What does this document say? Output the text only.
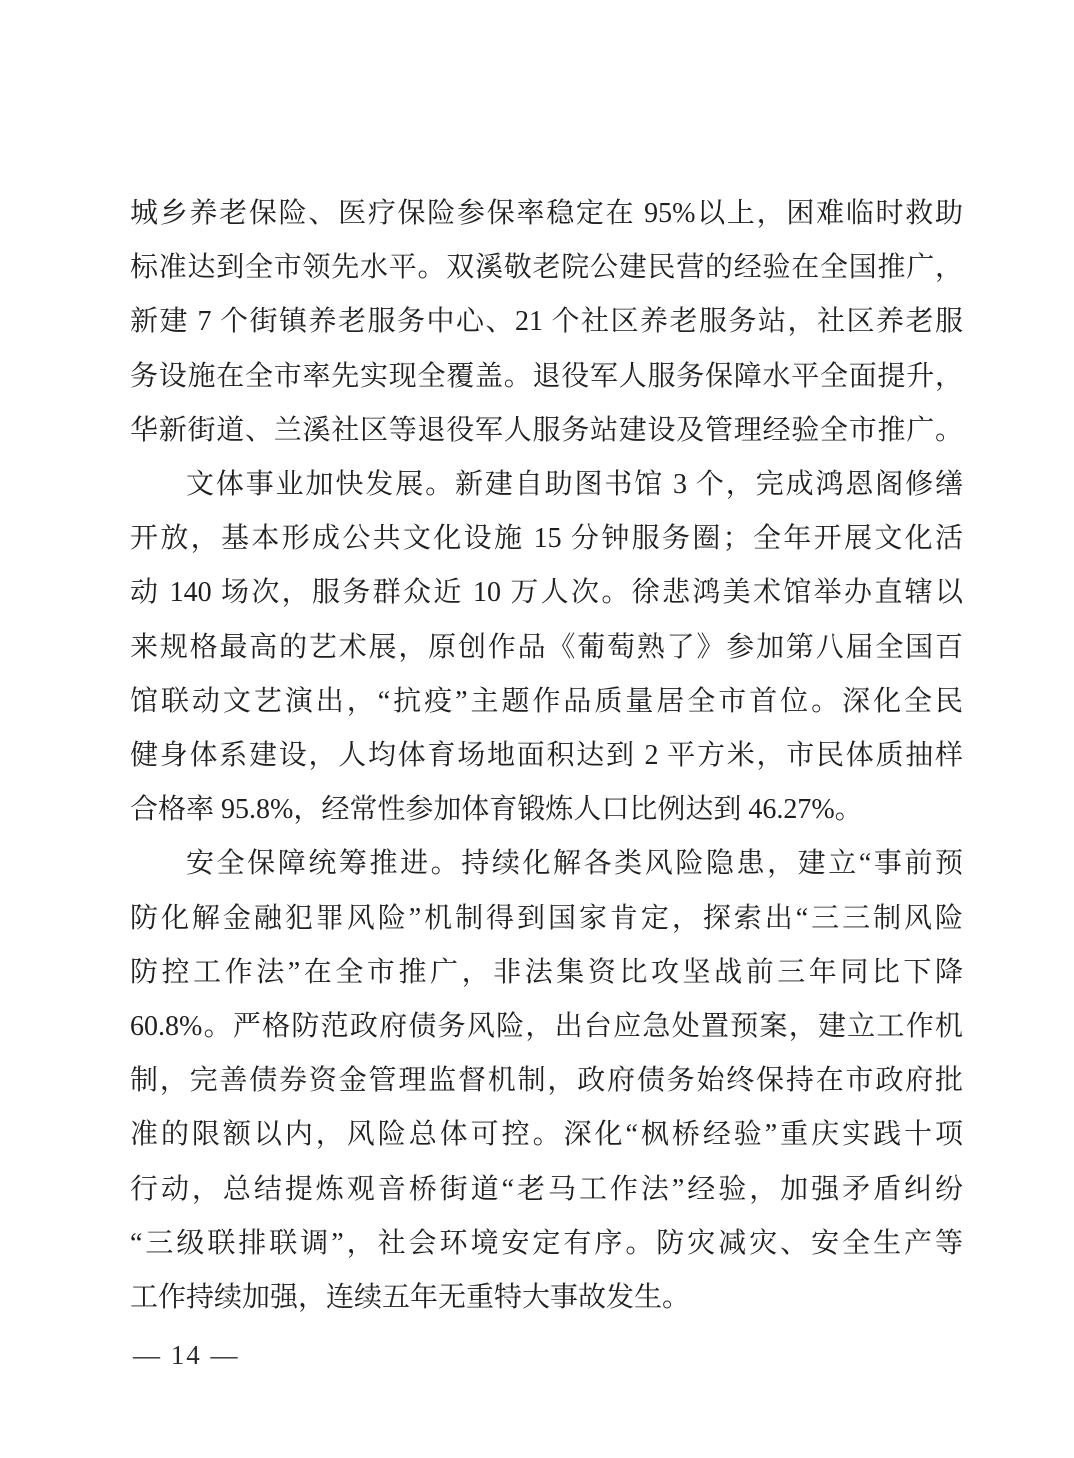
城乡养老保险、医疗保险参保率稳定在 95%以上，困难临时救助
标准达到全市领先水平。双溪敬老院公建民营的经验在全国推广，
新建 7 个街镇养老服务中心、21 个社区养老服务站，社区养老服
务设施在全市率先实现全覆盖。退役军人服务保障水平全面提升，
华新街道、兰溪社区等退役军人服务站建设及管理经验全市推广。
文体事业加快发展。新建自助图书馆 3 个，完成鸿恩阁修缮
开放，基本形成公共文化设施 15 分钟服务圈；全年开展文化活
动 140 场次，服务群众近 10 万人次。徐悲鸿美术馆举办直辖以
来规格最高的艺术展，原创作品《葡萄熟了》参加第八届全国百
馆联动文艺演出，“抗疫”主题作品质量居全市首位。深化全民
健身体系建设，人均体育场地面积达到 2 平方米，市民体质抽样
合格率 95.8%，经常性参加体育锻炼人口比例达到 46.27%。
安全保障统筹推进。持续化解各类风险隐患，建立“事前预
防化解金融犯罪风险”机制得到国家肯定，探索出“三三制风险
防控工作法”在全市推广，非法集资比攻坚战前三年同比下降
60.8%。严格防范政府债务风险，出台应急处置预案，建立工作机
制，完善债券资金管理监督机制，政府债务始终保持在市政府批
准的限额以内，风险总体可控。深化“枫桥经验”重庆实践十项
行动，总结提炼观音桥街道“老马工作法”经验，加强矛盾纠纷
“三级联排联调”，社会环境安定有序。防灾减灾、安全生产等
工作持续加强，连续五年无重特大事故发生。
— 14 —
